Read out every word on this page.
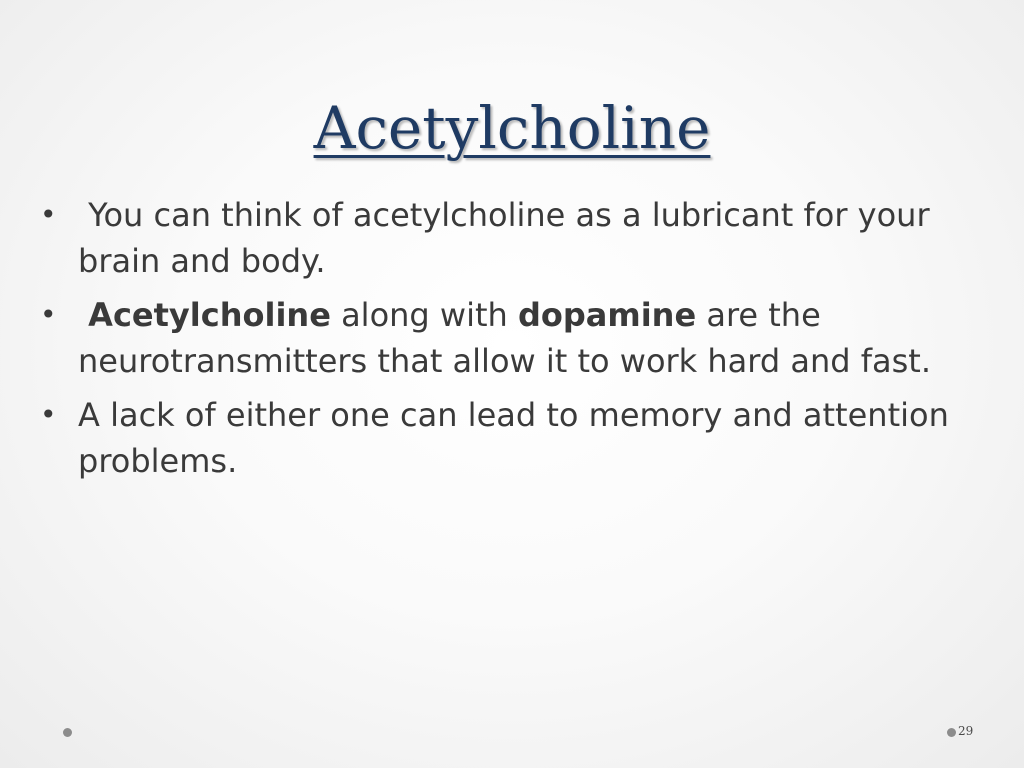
Acetylcholine
• You can think of acetylcholine as a lubricant for your brain and body.
• Acetylcholine along with dopamine are the neurotransmitters that allow it to work hard and fast.
• A lack of either one can lead to memory and attention problems.
29
